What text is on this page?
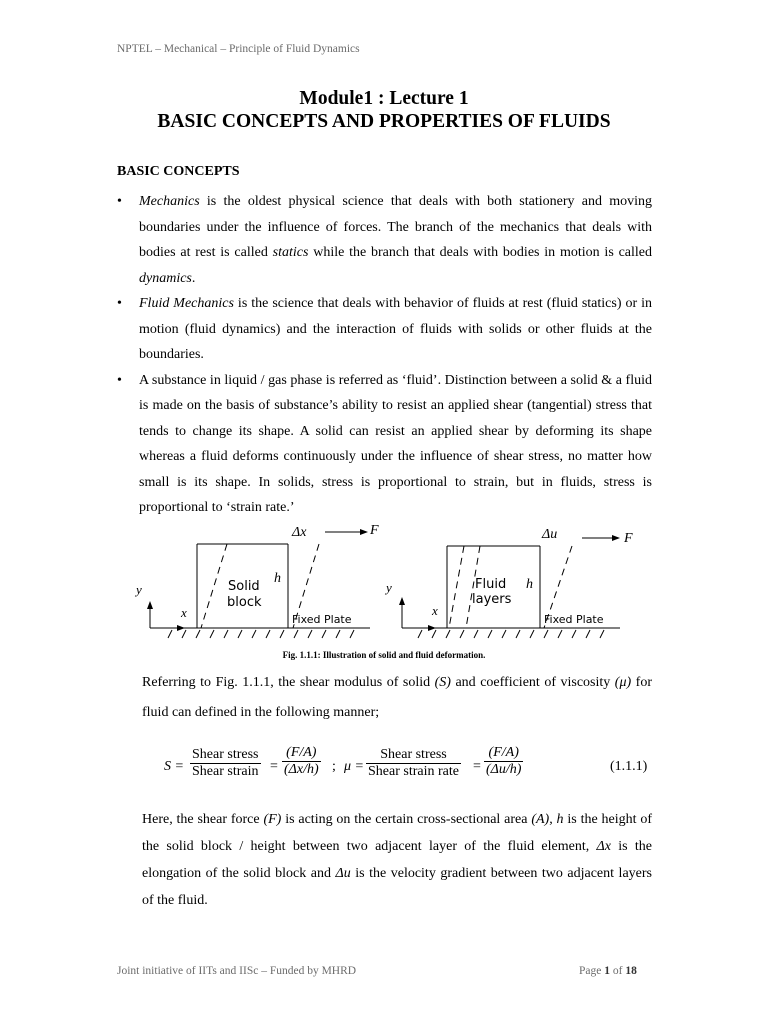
NPTEL – Mechanical – Principle of Fluid Dynamics
Module1 : Lecture 1
BASIC CONCEPTS AND PROPERTIES OF FLUIDS
BASIC CONCEPTS
• Mechanics is the oldest physical science that deals with both stationery and moving boundaries under the influence of forces. The branch of the mechanics that deals with bodies at rest is called statics while the branch that deals with bodies in motion is called dynamics.
• Fluid Mechanics is the science that deals with behavior of fluids at rest (fluid statics) or in motion (fluid dynamics) and the interaction of fluids with solids or other fluids at the boundaries.
• A substance in liquid / gas phase is referred as ‘fluid’. Distinction between a solid & a fluid is made on the basis of substance’s ability to resist an applied shear (tangential) stress that tends to change its shape. A solid can resist an applied shear by deforming its shape whereas a fluid deforms continuously under the influence of shear stress, no matter how small is its shape. In solids, stress is proportional to strain, but in fluids, stress is proportional to ‘strain rate.’
Δx	F
y
x
h
Solid
block
Fixed Plate
Δu	F
y
x
h
Fluid
layers
Fixed Plate
Fig. 1.1.1: Illustration of solid and fluid deformation.
Referring to Fig. 1.1.1, the shear modulus of solid (S) and coefficient of viscosity (μ) for fluid can defined in the following manner;
S =
Shear stress
Shear strain = $\frac{(F/A)}{(\Delta x/h)}$ ; μ =
Shear stress
Shear strain rate = $\frac{(F/A)}{(\Delta u/h)}$	(1.1.1)
Here, the shear force (F) is acting on the certain cross-sectional area (A), h is the height of the solid block / height between two adjacent layer of the fluid element, Δx is the elongation of the solid block and Δu is the velocity gradient between two adjacent layers of the fluid.
Joint initiative of IITs and IISc – Funded by MHRD	Page 1 of 18
